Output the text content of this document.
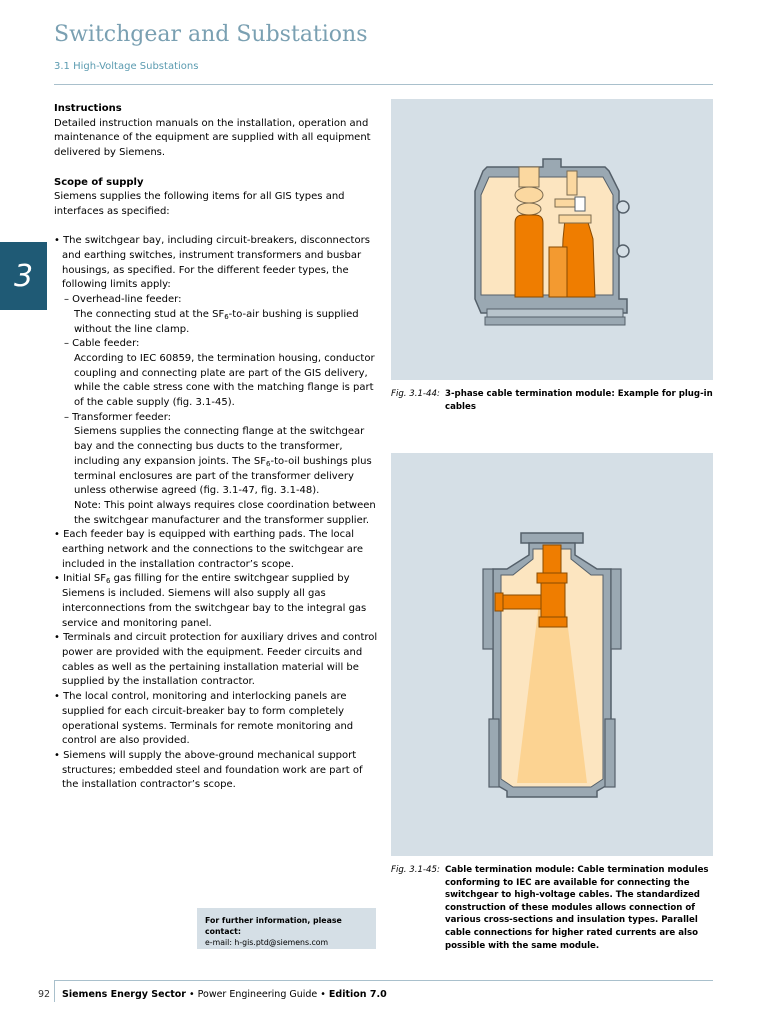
Switchgear and Substations
3.1 High-Voltage Substations
3

Instructions

Detailed instruction manuals on the installation, operation and maintenance of the equipment are supplied with all equipment delivered by Siemens.

Scope of supply

Siemens supplies the following items for all GIS types and interfaces as specified:

• The switchgear bay, including circuit-breakers, disconnectors and earthing switches, instrument transformers and busbar housings, as specified. For the different feeder types, the following limits apply:

– Overhead-line feeder:

The connecting stud at the $SF_6-to$-air bushing is supplied without the line clamp.

– Cable feeder:

According to IEC 60859, the termination housing, conductor coupling and connecting plate are part of the GIS delivery, while the cable stress cone with the matching flange is part of the cable supply (fig. 3.1-45).

– Transformer feeder:

Siemens supplies the connecting flange at the switchgear bay and the connecting bus ducts to the transformer, including any expansion joints. The $SF_6-to$-oil bushings plus terminal enclosures are part of the transformer delivery unless otherwise agreed (fig. 3.1-47, fig. 3.1-48).

Note: This point always requires close coordination between the switchgear manufacturer and the transformer supplier.

• Each feeder bay is equipped with earthing pads. The local earthing network and the connections to the switchgear are included in the installation contractor’s scope.

• Initial $SF_6$ gas filling for the entire switchgear supplied by Siemens is included. Siemens will also supply all gas interconnections from the switchgear bay to the integral gas service and monitoring panel.

• Terminals and circuit protection for auxiliary drives and control power are provided with the equipment. Feeder circuits and cables as well as the pertaining installation material will be supplied by the installation contractor.

• The local control, monitoring and interlocking panels are supplied for each circuit-breaker bay to form completely operational systems. Terminals for remote monitoring and control are also provided.

• Siemens will supply the above-ground mechanical support structures; embedded steel and foundation work are part of the installation contractor’s scope.

Fig. 3.1-44: 3-phase cable termination module: Example for plug-in cables
Fig. 3.1-45: Cable termination module: Cable termination modules conforming to IEC are available for connecting the switchgear to high-voltage cables. The standardized construction of these modules allows connection of various cross-sections and insulation types. Parallel cable connections for higher rated currents are also possible with the same module.
For further information, please contact:
e-mail: h-gis.ptd@siemens.com
92 Siemens Energy Sector • Power Engineering Guide • Edition 7.0
